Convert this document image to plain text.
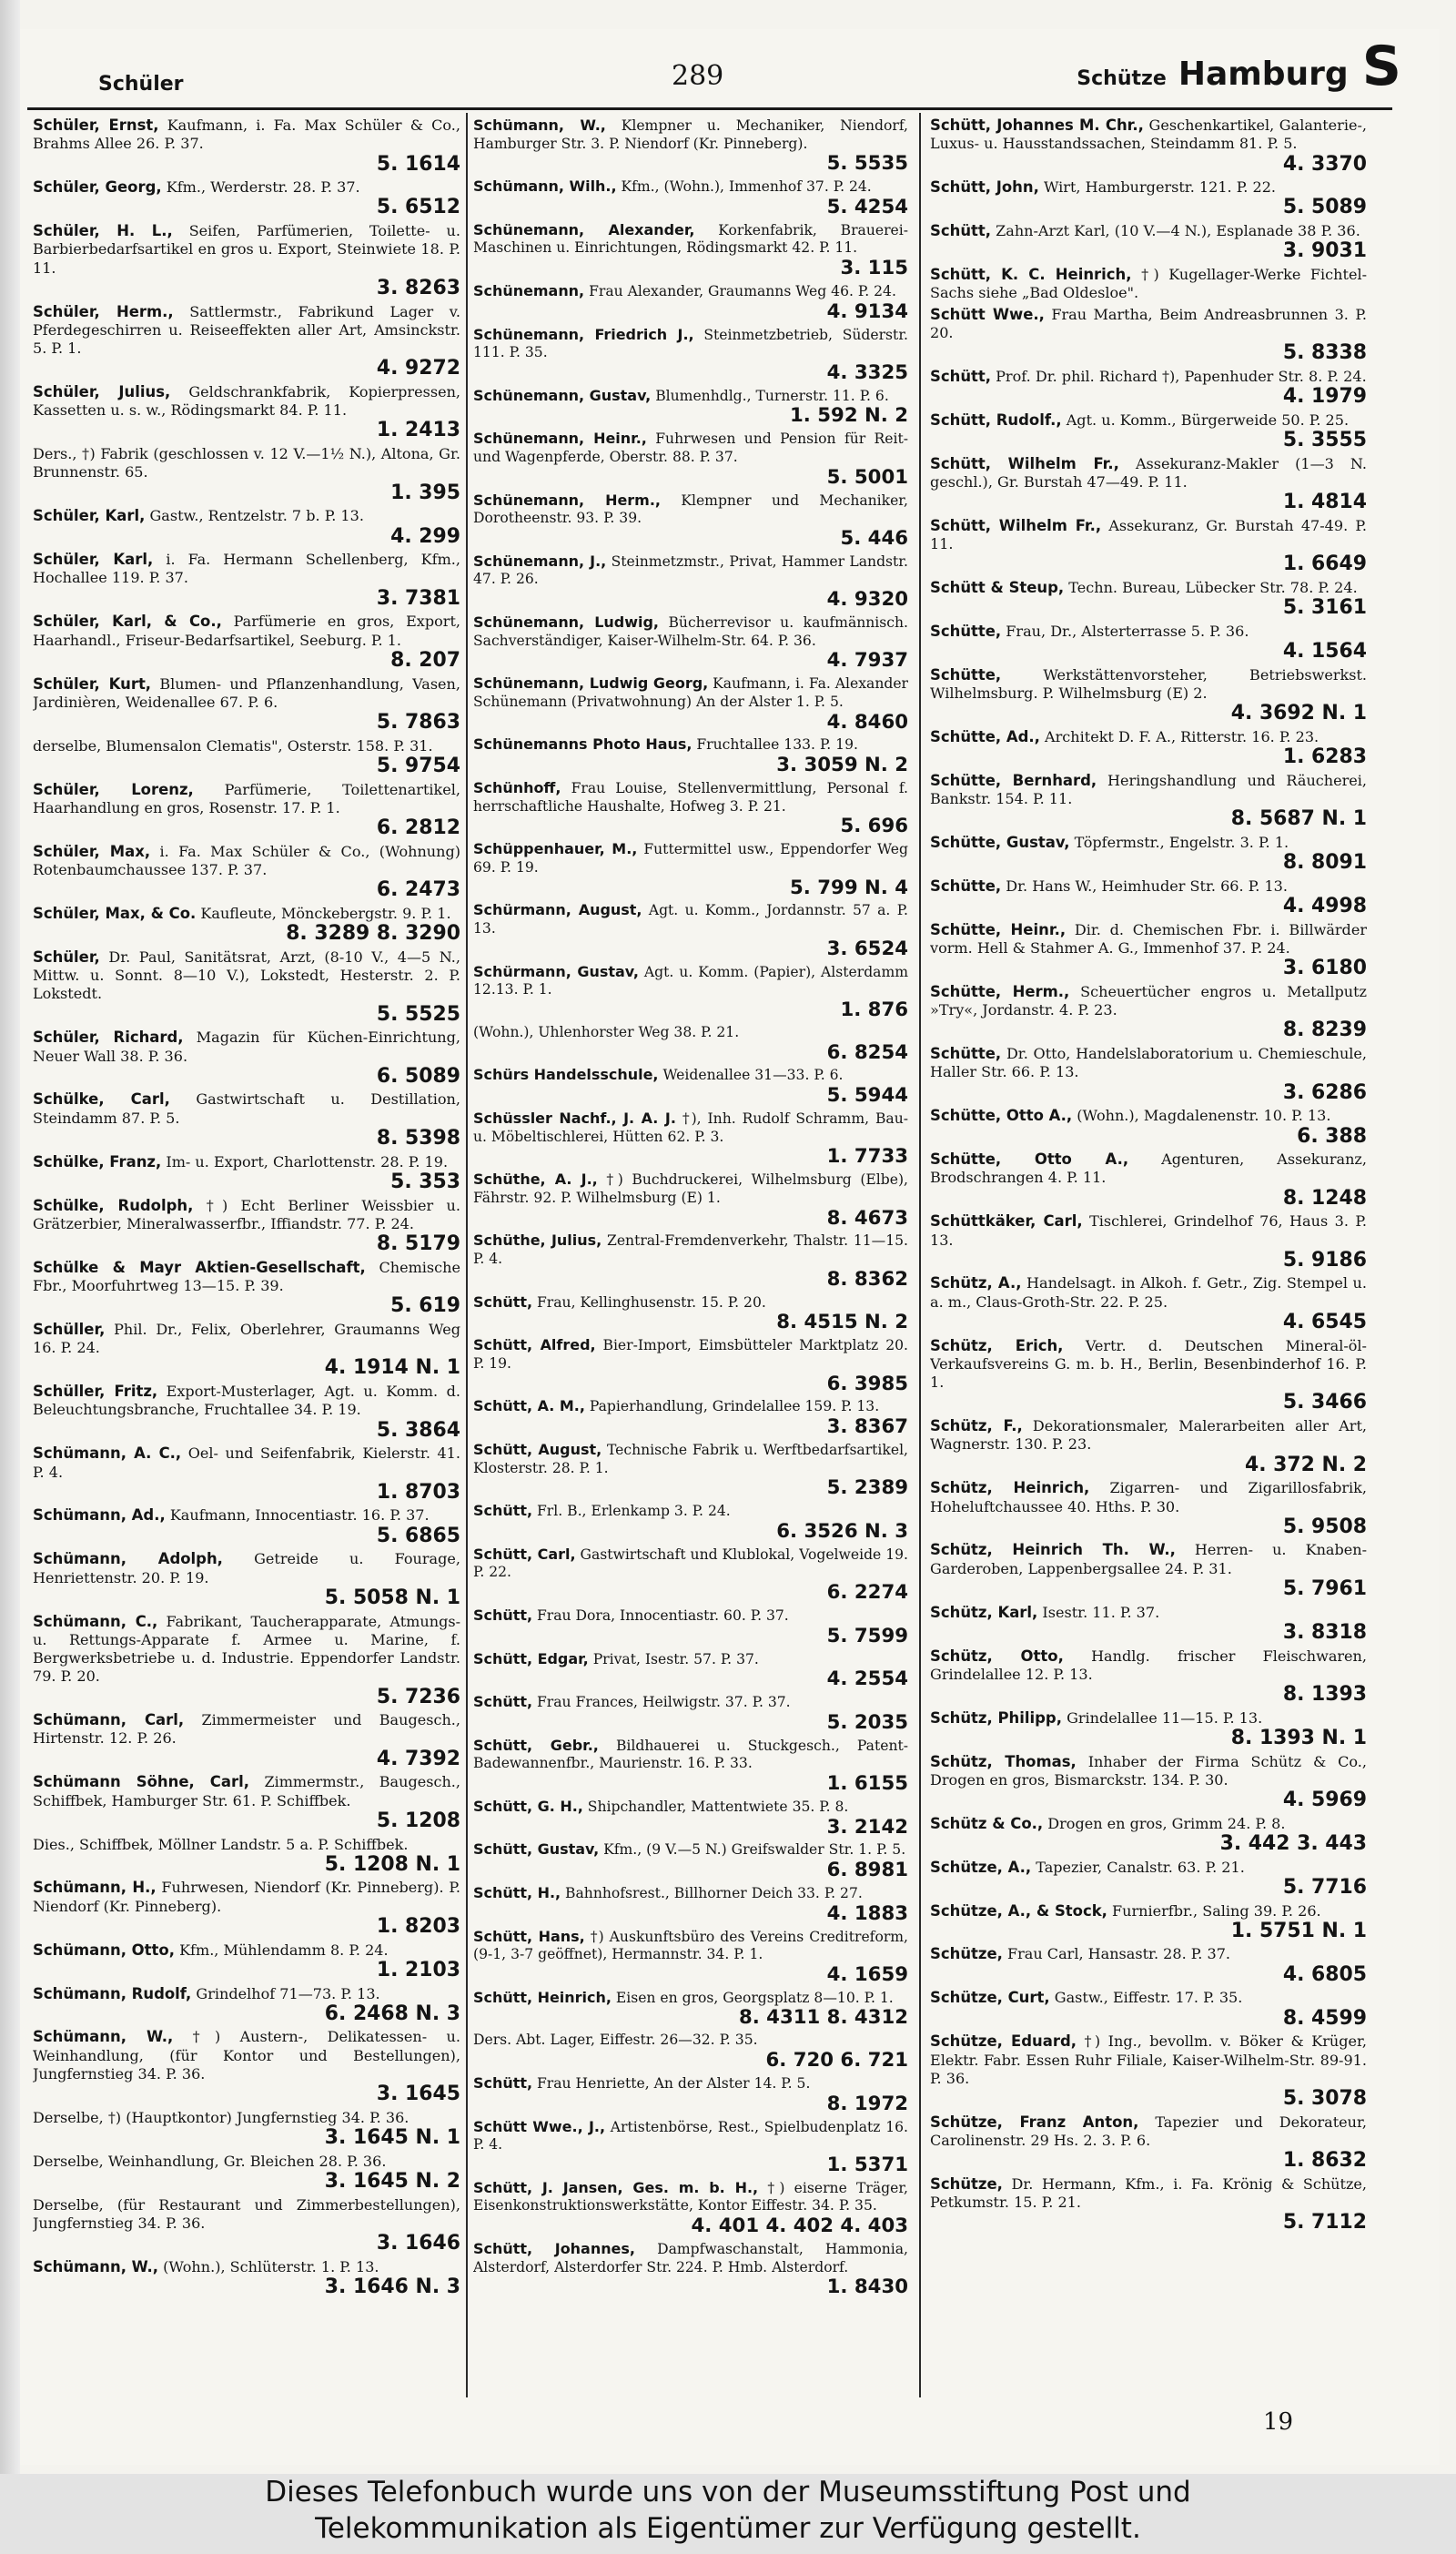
Schüler	289	Schütze Hamburg S
Schüler, Ernst, Kaufmann, i. Fa. Max Schüler & Co., Brahms Allee 26. P. 37.
5. 1614
Schüler, Georg, Kfm., Werderstr. 28. P. 37.
5. 6512
Schüler, H. L., Seifen, Parfümerien, Toilette- u. Barbierbedarfsartikel en gros u. Export, Steinwiete 18. P. 11.
3. 8263
Schüler, Herm., Sattlermstr., Fabrikund Lager v. Pferdegeschirren u. Reiseeffekten aller Art, Amsinckstr. 5. P. 1.
4. 9272
Schüler, Julius, Geldschrankfabrik, Kopierpressen, Kassetten u. s. w., Rödingsmarkt 84. P. 11.
1. 2413
Ders., †) Fabrik (geschlossen v. 12 V.—1½ N.), Altona, Gr. Brunnenstr. 65.
1. 395
Schüler, Karl, Gastw., Rentzelstr. 7 b. P. 13.
4. 299
Schüler, Karl, i. Fa. Hermann Schellenberg, Kfm., Hochallee 119. P. 37.
3. 7381
Schüler, Karl, & Co., Parfümerie en gros, Export, Haarhandl., Friseur-Bedarfsartikel, Seeburg. P. 1.
8. 207
Schüler, Kurt, Blumen- und Pflanzenhandlung, Vasen, Jardinièren, Weidenallee 67. P. 6.
5. 7863
derselbe, Blumensalon Clematis", Osterstr. 158. P. 31.
5. 9754
Schüler, Lorenz, Parfümerie, Toilettenartikel, Haarhandlung en gros, Rosenstr. 17. P. 1.
6. 2812
Schüler, Max, i. Fa. Max Schüler & Co., (Wohnung) Rotenbaumchaussee 137. P. 37.
6. 2473
Schüler, Max, & Co. Kaufleute, Mönckebergstr. 9. P. 1.
8. 3289 8. 3290
Schüler, Dr. Paul, Sanitätsrat, Arzt, (8-10 V., 4—5 N., Mittw. u. Sonnt. 8—10 V.), Lokstedt, Hesterstr. 2. P. Lokstedt.
5. 5525
Schüler, Richard, Magazin für Küchen-Einrichtung, Neuer Wall 38. P. 36.
6. 5089
Schülke, Carl, Gastwirtschaft u. Destillation, Steindamm 87. P. 5.
8. 5398
Schülke, Franz, Im- u. Export, Charlottenstr. 28. P. 19.
5. 353
Schülke, Rudolph, †) Echt Berliner Weissbier u. Grätzerbier, Mineralwasserfbr., Iffiandstr. 77. P. 24.
8. 5179
Schülke & Mayr Aktien-Gesellschaft, Chemische Fbr., Moorfuhrtweg 13—15. P. 39.
5. 619
Schüller, Phil. Dr., Felix, Oberlehrer, Graumanns Weg 16. P. 24.
4. 1914 N. 1
Schüller, Fritz, Export-Musterlager, Agt. u. Komm. d. Beleuchtungsbranche, Fruchtallee 34. P. 19.
5. 3864
Schümann, A. C., Oel- und Seifenfabrik, Kielerstr. 41. P. 4.
1. 8703
Schümann, Ad., Kaufmann, Innocentiastr. 16. P. 37.
5. 6865
Schümann, Adolph, Getreide u. Fourage, Henriettenstr. 20. P. 19.
5. 5058 N. 1
Schümann, C., Fabrikant, Taucherapparate, Atmungs- u. Rettungs-Apparate f. Armee u. Marine, f. Bergwerksbetriebe u. d. Industrie. Eppendorfer Landstr. 79. P. 20.
5. 7236
Schümann, Carl, Zimmermeister und Baugesch., Hirtenstr. 12. P. 26.
4. 7392
Schümann Söhne, Carl, Zimmermstr., Baugesch., Schiffbek, Hamburger Str. 61. P. Schiffbek.
5. 1208
Dies., Schiffbek, Möllner Landstr. 5 a. P. Schiffbek.
5. 1208 N. 1
Schümann, H., Fuhrwesen, Niendorf (Kr. Pinneberg). P. Niendorf (Kr. Pinneberg).
1. 8203
Schümann, Otto, Kfm., Mühlendamm 8. P. 24.
1. 2103
Schümann, Rudolf, Grindelhof 71—73. P. 13.
6. 2468 N. 3
Schümann, W., †) Austern-, Delikatessen- u. Weinhandlung, (für Kontor und Bestellungen), Jungfernstieg 34. P. 36.
3. 1645
Derselbe, †) (Hauptkontor) Jungfernstieg 34. P. 36.
3. 1645 N. 1
Derselbe, Weinhandlung, Gr. Bleichen 28. P. 36.
3. 1645 N. 2
Derselbe, (für Restaurant und Zimmerbestellungen), Jungfernstieg 34. P. 36.
3. 1646
Schümann, W., (Wohn.), Schlüterstr. 1. P. 13.
3. 1646 N. 3
Schümann, W., Klempner u. Mechaniker, Niendorf, Hamburger Str. 3. P. Niendorf (Kr. Pinneberg).
5. 5535
Schümann, Wilh., Kfm., (Wohn.), Immenhof 37. P. 24.
5. 4254
Schünemann, Alexander, Korkenfabrik, Brauerei-Maschinen u. Einrichtungen, Rödingsmarkt 42. P. 11.
3. 115
Schünemann, Frau Alexander, Graumanns Weg 46. P. 24.
4. 9134
Schünemann, Friedrich J., Steinmetzbetrieb, Süderstr. 111. P. 35.
4. 3325
Schünemann, Gustav, Blumenhdlg., Turnerstr. 11. P. 6.
1. 592 N. 2
Schünemann, Heinr., Fuhrwesen und Pension für Reit- und Wagenpferde, Oberstr. 88. P. 37.
5. 5001
Schünemann, Herm., Klempner und Mechaniker, Dorotheenstr. 93. P. 39.
5. 446
Schünemann, J., Steinmetzmstr., Privat, Hammer Landstr. 47. P. 26.
4. 9320
Schünemann, Ludwig, Bücherrevisor u. kaufmännisch. Sachverständiger, Kaiser-Wilhelm-Str. 64. P. 36.
4. 7937
Schünemann, Ludwig Georg, Kaufmann, i. Fa. Alexander Schünemann (Privatwohnung) An der Alster 1. P. 5.
4. 8460
Schünemanns Photo Haus, Fruchtallee 133. P. 19.
3. 3059 N. 2
Schünhoff, Frau Louise, Stellenvermittlung, Personal f. herrschaftliche Haushalte, Hofweg 3. P. 21.
5. 696
Schüppenhauer, M., Futtermittel usw., Eppendorfer Weg 69. P. 19.
5. 799 N. 4
Schürmann, August, Agt. u. Komm., Jordannstr. 57 a. P. 13.
3. 6524
Schürmann, Gustav, Agt. u. Komm. (Papier), Alsterdamm 12.13. P. 1.
1. 876
(Wohn.), Uhlenhorster Weg 38. P. 21.
6. 8254
Schürs Handelsschule, Weidenallee 31—33. P. 6.
5. 5944
Schüssler Nachf., J. A. J. †), Inh. Rudolf Schramm, Bau- u. Möbeltischlerei, Hütten 62. P. 3.
1. 7733
Schüthe, A. J., †) Buchdruckerei, Wilhelmsburg (Elbe), Fährstr. 92. P. Wilhelmsburg (E) 1.
8. 4673
Schüthe, Julius, Zentral-Fremdenverkehr, Thalstr. 11—15. P. 4.
8. 8362
Schütt, Frau, Kellinghusenstr. 15. P. 20.
8. 4515 N. 2
Schütt, Alfred, Bier-Import, Eimsbütteler Marktplatz 20. P. 19.
6. 3985
Schütt, A. M., Papierhandlung, Grindelallee 159. P. 13.
3. 8367
Schütt, August, Technische Fabrik u. Werftbedarfsartikel, Klosterstr. 28. P. 1.
5. 2389
Schütt, Frl. B., Erlenkamp 3. P. 24.
6. 3526 N. 3
Schütt, Carl, Gastwirtschaft und Klublokal, Vogelweide 19. P. 22.
6. 2274
Schütt, Frau Dora, Innocentiastr. 60. P. 37.
5. 7599
Schütt, Edgar, Privat, Isestr. 57. P. 37.
4. 2554
Schütt, Frau Frances, Heilwigstr. 37. P. 37.
5. 2035
Schütt, Gebr., Bildhauerei u. Stuckgesch., Patent-Badewannenfbr., Maurienstr. 16. P. 33.
1. 6155
Schütt, G. H., Shipchandler, Mattentwiete 35. P. 8.
3. 2142
Schütt, Gustav, Kfm., (9 V.—5 N.) Greifswalder Str. 1. P. 5.
6. 8981
Schütt, H., Bahnhofsrest., Billhorner Deich 33. P. 27.
4. 1883
Schütt, Hans, †) Auskunftsbüro des Vereins Creditreform, (9-1, 3-7 geöffnet), Hermannstr. 34. P. 1.
4. 1659
Schütt, Heinrich, Eisen en gros, Georgsplatz 8—10. P. 1.
8. 4311 8. 4312
Ders. Abt. Lager, Eiffestr. 26—32. P. 35.
6. 720 6. 721
Schütt, Frau Henriette, An der Alster 14. P. 5.
8. 1972
Schütt Wwe., J., Artistenbörse, Rest., Spielbudenplatz 16. P. 4.
1. 5371
Schütt, J. Jansen, Ges. m. b. H., †) eiserne Träger, Eisenkonstruktionswerkstätte, Kontor Eiffestr. 34. P. 35.
4. 401 4. 402 4. 403
Schütt, Johannes, Dampfwaschanstalt, Hammonia, Alsterdorf, Alsterdorfer Str. 224. P. Hmb. Alsterdorf.
1. 8430
Schütt, Johannes M. Chr., Geschenkartikel, Galanterie-, Luxus- u. Hausstandssachen, Steindamm 81. P. 5.
4. 3370
Schütt, John, Wirt, Hamburgerstr. 121. P. 22.
5. 5089
Schütt, Zahn-Arzt Karl, (10 V.—4 N.), Esplanade 38 P. 36.
3. 9031
Schütt, K. C. Heinrich, †) Kugellager-Werke Fichtel-Sachs siehe „Bad Oldesloe".
Schütt Wwe., Frau Martha, Beim Andreasbrunnen 3. P. 20.
5. 8338
Schütt, Prof. Dr. phil. Richard †), Papenhuder Str. 8. P. 24.
4. 1979
Schütt, Rudolf., Agt. u. Komm., Bürgerweide 50. P. 25.
5. 3555
Schütt, Wilhelm Fr., Assekuranz-Makler (1—3 N. geschl.), Gr. Burstah 47—49. P. 11.
1. 4814
Schütt, Wilhelm Fr., Assekuranz, Gr. Burstah 47-49. P. 11.
1. 6649
Schütt & Steup, Techn. Bureau, Lübecker Str. 78. P. 24.
5. 3161
Schütte, Frau, Dr., Alsterterrasse 5. P. 36.
4. 1564
Schütte,	Werkstättenvorsteher, Betriebswerkst. Wilhelmsburg. P. Wilhelmsburg (E) 2.
4. 3692 N. 1
Schütte, Ad., Architekt D. F. A., Ritterstr. 16. P. 23.
1. 6283
Schütte, Bernhard, Heringshandlung und Räucherei, Bankstr. 154. P. 11.
8. 5687 N. 1
Schütte, Gustav, Töpfermstr., Engelstr. 3. P. 1.
8. 8091
Schütte, Dr. Hans W., Heimhuder Str. 66. P. 13.
4. 4998
Schütte, Heinr., Dir. d. Chemischen Fbr. i. Billwärder vorm. Hell & Stahmer A. G., Immenhof 37. P. 24.
3. 6180
Schütte, Herm., Scheuertücher engros u. Metallputz »Try«, Jordanstr. 4. P. 23.
8. 8239
Schütte, Dr. Otto, Handelslaboratorium u. Chemieschule, Haller Str. 66. P. 13.
3. 6286
Schütte, Otto A., (Wohn.), Magdalenenstr. 10. P. 13.
6. 388
Schütte, Otto A., Agenturen, Assekuranz, Brodschrangen 4. P. 11.
8. 1248
Schüttkäker, Carl, Tischlerei, Grindelhof 76, Haus 3. P. 13.
5. 9186
Schütz, A., Handelsagt. in Alkoh. f. Getr., Zig. Stempel u. a. m., Claus-Groth-Str. 22. P. 25.
4. 6545
Schütz, Erich, Vertr. d. Deutschen Mineral-öl-Verkaufsvereins G. m. b. H., Berlin, Besenbinderhof 16. P. 1.
5. 3466
Schütz, F., Dekorationsmaler, Malerarbeiten aller Art, Wagnerstr. 130. P. 23.
4. 372 N. 2
Schütz, Heinrich, Zigarren- und Zigarillosfabrik, Hoheluftchaussee 40. Hths. P. 30.
5. 9508
Schütz, Heinrich Th. W., Herren- u. Knaben-Garderoben, Lappenbergsallee 24. P. 31.
5. 7961
Schütz, Karl, Isestr. 11. P. 37.
3. 8318
Schütz, Otto, Handlg. frischer Fleischwaren, Grindelallee 12. P. 13.
8. 1393
Schütz, Philipp, Grindelallee 11—15. P. 13.
8. 1393 N. 1
Schütz, Thomas, Inhaber der Firma Schütz & Co., Drogen en gros, Bismarckstr. 134. P. 30.
4. 5969
Schütz & Co., Drogen en gros, Grimm 24. P. 8.
3. 442 3. 443
Schütze, A., Tapezier, Canalstr. 63. P. 21.
5. 7716
Schütze, A., & Stock, Furnierfbr., Saling 39. P. 26.
1. 5751 N. 1
Schütze, Frau Carl, Hansastr. 28. P. 37.
4. 6805
Schütze, Curt, Gastw., Eiffestr. 17. P. 35.
8. 4599
Schütze, Eduard, †) Ing., bevollm. v. Böker & Krüger, Elektr. Fabr. Essen Ruhr Filiale, Kaiser-Wilhelm-Str. 89-91. P. 36.
5. 3078
Schütze, Franz Anton, Tapezier und Dekorateur, Carolinenstr. 29 Hs. 2. 3. P. 6.
1. 8632
Schütze, Dr. Hermann, Kfm., i. Fa. Krönig & Schütze, Petkumstr. 15. P. 21.
5. 7112
19
Dieses Telefonbuch wurde uns von der Museumsstiftung Post und
Telekommunikation als Eigentümer zur Verfügung gestellt.
